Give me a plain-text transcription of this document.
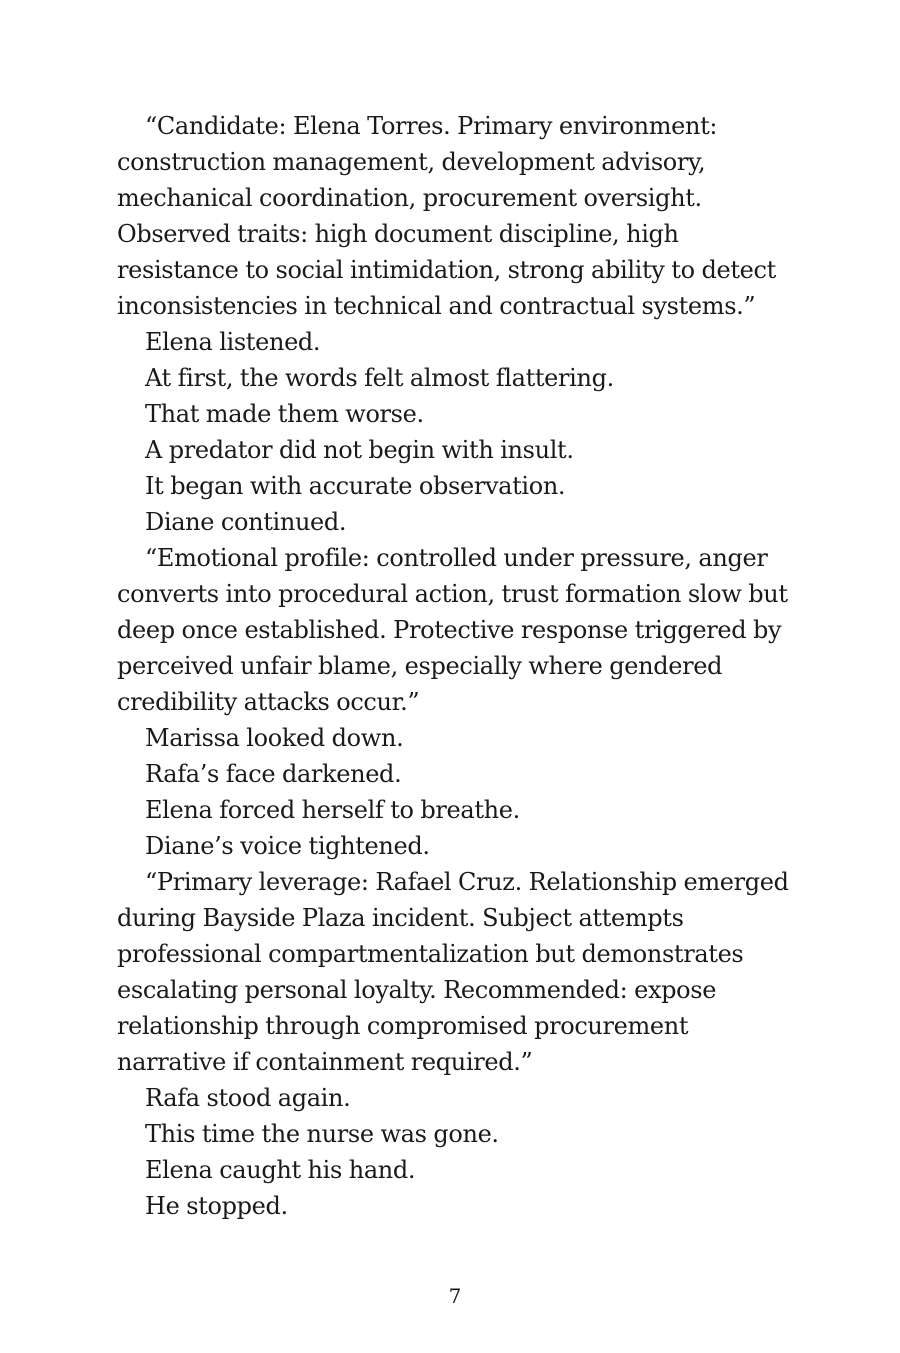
“Candidate: Elena Torres. Primary environment: construction management, development advisory, mechanical coordination, procurement oversight. Observed traits: high document discipline, high resistance to social intimidation, strong ability to detect inconsistencies in technical and contractual systems.”

Elena listened.

At first, the words felt almost flattering.

That made them worse.

A predator did not begin with insult.

It began with accurate observation.

Diane continued.

“Emotional profile: controlled under pressure, anger converts into procedural action, trust formation slow but deep once established. Protective response triggered by perceived unfair blame, especially where gendered credibility attacks occur.”

Marissa looked down.

Rafa’s face darkened.

Elena forced herself to breathe.

Diane’s voice tightened.

“Primary leverage: Rafael Cruz. Relationship emerged during Bayside Plaza incident. Subject attempts professional compartmentalization but demonstrates escalating personal loyalty. Recommended: expose relationship through compromised procurement narrative if containment required.”

Rafa stood again.

This time the nurse was gone.

Elena caught his hand.

He stopped.

7
